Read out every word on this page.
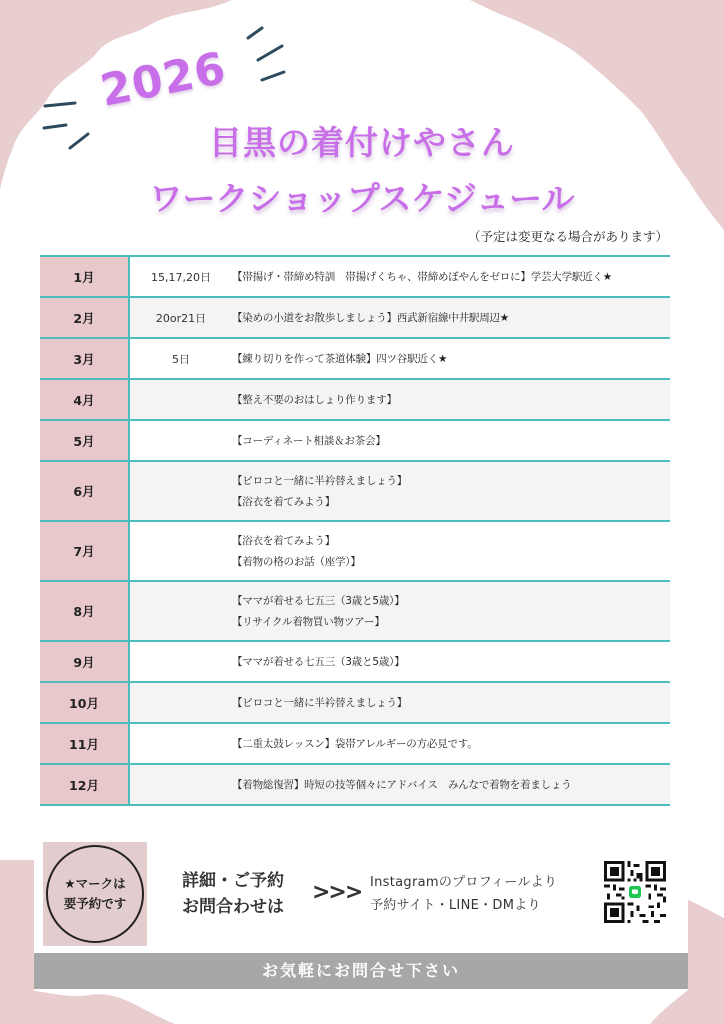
2026
目黒の着付けやさん
ワークショップスケジュール
（予定は変更なる場合があります）
1月	15,17,20日	【帯揚げ・帯締め特訓　帯揚げくちゃ、帯締めぼやんをゼロに】学芸大学駅近く★

2月	20or21日	【染めの小道をお散歩しましょう】西武新宿線中井駅周辺★

3月	5日	【練り切りを作って茶道体験】四ツ谷駅近く★

4月		【整え不要のおはしょり作ります】

5月		【コーディネート相談＆お茶会】

6月		【ピロコと一緒に半衿替えましょう】
【浴衣を着てみよう】

7月		【浴衣を着てみよう】
【着物の格のお話（座学）】

8月		【ママが着せる七五三（3歳と5歳）】
【リサイクル着物買い物ツアー】

9月		【ママが着せる七五三（3歳と5歳）】

10月		【ピロコと一緒に半衿替えましょう】

11月		【二重太鼓レッスン】袋帯アレルギーの方必見です。

12月		【着物総復習】時短の技等個々にアドバイス　みんなで着物を着ましょう
★マークは
要予約です
詳細・ご予約
お問合わせは
>>> Instagramのプロフィールより
予約サイト・LINE・DMより
お気軽にお問合せ下さい
